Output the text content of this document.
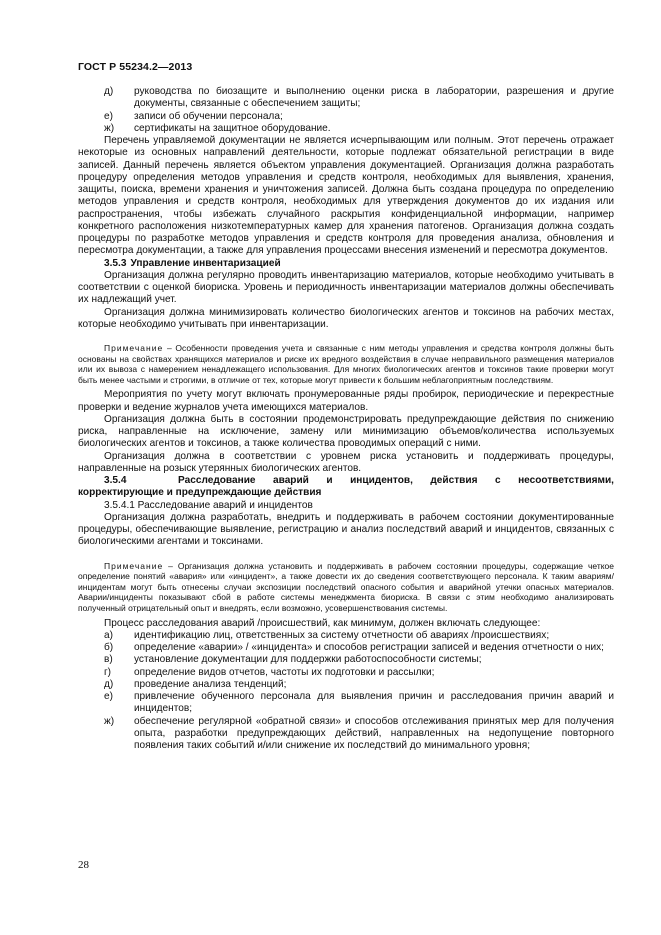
ГОСТ Р 55234.2—2013
д) руководства по биозащите и выполнению оценки риска в лаборатории, разрешения и другие документы, связанные с обеспечением защиты;
е) записи об обучении персонала;
ж) сертификаты на защитное оборудование.
Перечень управляемой документации не является исчерпывающим или полным. Этот перечень отражает некоторые из основных направлений деятельности, которые подлежат обязательной регистрации в виде записей. Данный перечень является объектом управления документацией. Организация должна разработать процедуру определения методов управления и средств контроля, необходимых для выявления, хранения, защиты, поиска, времени хранения и уничтожения записей. Должна быть создана процедура по определению методов управления и средств контроля, необходимых для утверждения документов до их издания или распространения, чтобы избежать случайного раскрытия конфиденциальной информации, например конкретного расположения низкотемпературных камер для хранения патогенов. Организация должна создать процедуры по разработке методов управления и средств контроля для проведения анализа, обновления и пересмотра документации, а также для управления процессами внесения изменений и пересмотра документов.
3.5.3 Управление инвентаризацией
Организация должна регулярно проводить инвентаризацию материалов, которые необходимо учитывать в соответствии с оценкой биориска. Уровень и периодичность инвентаризации материалов должны обеспечивать их надлежащий учет.
Организация должна минимизировать количество биологических агентов и токсинов на рабочих местах, которые необходимо учитывать при инвентаризации.
Примечание – Особенности проведения учета и связанные с ним методы управления и средства контроля должны быть основаны на свойствах хранящихся материалов и риске их вредного воздействия в случае неправильного размещения материалов или их вывоза с намерением ненадлежащего использования. Для многих биологических агентов и токсинов такие проверки могут быть менее частыми и строгими, в отличие от тех, которые могут привести к большим неблагоприятным последствиям.
Мероприятия по учету могут включать пронумерованные ряды пробирок, периодические и перекрестные проверки и ведение журналов учета имеющихся материалов.
Организация должна быть в состоянии продемонстрировать предупреждающие действия по снижению риска, направленные на исключение, замену или минимизацию объемов/количества используемых биологических агентов и токсинов, а также количества проводимых операций с ними.
Организация должна в соответствии с уровнем риска установить и поддерживать процедуры, направленные на розыск утерянных биологических агентов.
3.5.4	Расследование аварий и инцидентов, действия с несоответствиями, корректирующие и предупреждающие действия
3.5.4.1 Расследование аварий и инцидентов
Организация должна разработать, внедрить и поддерживать в рабочем состоянии документированные процедуры, обеспечивающие выявление, регистрацию и анализ последствий аварий и инцидентов, связанных с биологическими агентами и токсинами.
Примечание – Организация должна установить и поддерживать в рабочем состоянии процедуры, содержащие четкое определение понятий «авария» или «инцидент», а также довести их до сведения соответствующего персонала. К таким авариям/инцидентам могут быть отнесены случаи экспозиции последствий опасного события и аварийной утечки опасных материалов. Аварии/инциденты показывают сбой в работе системы менеджмента биориска. В связи с этим необходимо анализировать полученный отрицательный опыт и внедрять, если возможно, усовершенствования системы.
Процесс расследования аварий /происшествий, как минимум, должен включать следующее:
а) идентификацию лиц, ответственных за систему отчетности об авариях /происшествиях;
б) определение «аварии» / «инцидента» и способов регистрации записей и ведения отчетности о них;
в) установление документации для поддержки работоспособности системы;
г) определение видов отчетов, частоты их подготовки и рассылки;
д) проведение анализа тенденций;
е) привлечение обученного персонала для выявления причин и расследования причин аварий и инцидентов;
ж) обеспечение регулярной «обратной связи» и способов отслеживания принятых мер для получения опыта, разработки предупреждающих действий, направленных на недопущение повторного появления таких событий и/или снижение их последствий до минимального уровня;
28
